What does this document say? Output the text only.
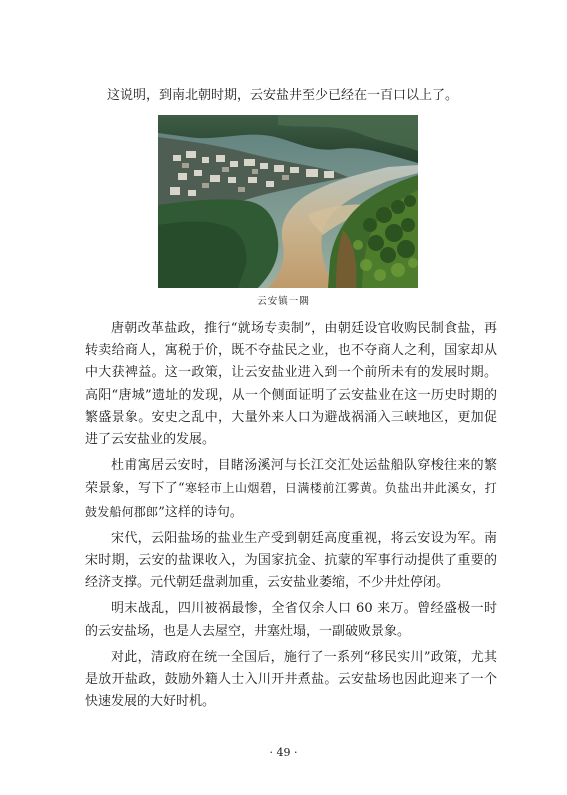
这说明，到南北朝时期，云安盐井至少已经在一百口以上了。
云安镇一隅

唐朝改革盐政，推行“就场专卖制”，由朝廷设官收购民制食盐，再转卖给商人，寓税于价，既不夺盐民之业，也不夺商人之利，国家却从中大获裨益。这一政策，让云安盐业进入到一个前所未有的发展时期。高阳“唐城”遗址的发现，从一个侧面证明了云安盐业在这一历史时期的繁盛景象。安史之乱中，大量外来人口为避战祸涌入三峡地区，更加促进了云安盐业的发展。

杜甫寓居云安时，目睹汤溪河与长江交汇处运盐船队穿梭往来的繁荣景象，写下了“寒轻市上山烟碧，日满楼前江雾黄。负盐出井此溪女，打鼓发船何郡郎”这样的诗句。

宋代，云阳盐场的盐业生产受到朝廷高度重视，将云安设为军。南宋时期，云安的盐课收入，为国家抗金、抗蒙的军事行动提供了重要的经济支撑。元代朝廷盘剥加重，云安盐业萎缩，不少井灶停闭。

明末战乱，四川被祸最惨，全省仅余人口 60 来万。曾经盛极一时的云安盐场，也是人去屋空，井塞灶塌，一副破败景象。

对此，清政府在统一全国后，施行了一系列“移民实川”政策，尤其是放开盐政，鼓励外籍人士入川开井煮盐。云安盐场也因此迎来了一个快速发展的大好时机。

· 49 ·
